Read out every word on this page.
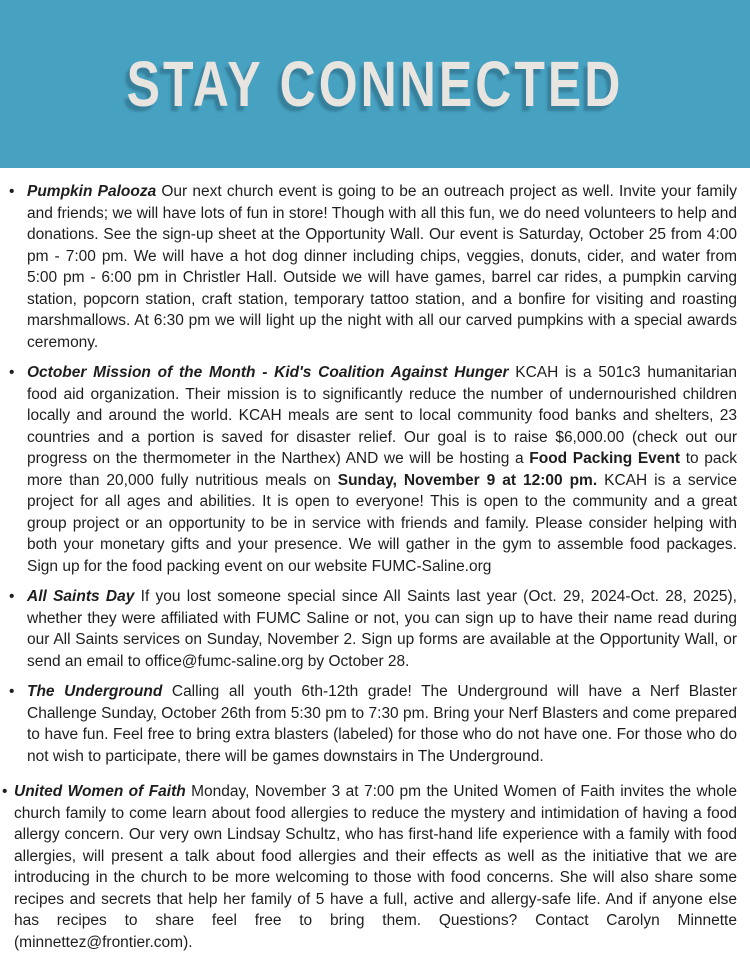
STAY CONNECTED
• Pumpkin Palooza Our next church event is going to be an outreach project as well. Invite your family and friends; we will have lots of fun in store! Though with all this fun, we do need volunteers to help and donations. See the sign-up sheet at the Opportunity Wall. Our event is Saturday, October 25 from 4:00 pm - 7:00 pm. We will have a hot dog dinner including chips, veggies, donuts, cider, and water from 5:00 pm - 6:00 pm in Christler Hall. Outside we will have games, barrel car rides, a pumpkin carving station, popcorn station, craft station, temporary tattoo station, and a bonfire for visiting and roasting marshmallows. At 6:30 pm we will light up the night with all our carved pumpkins with a special awards ceremony.
• October Mission of the Month - Kid's Coalition Against Hunger KCAH is a 501c3 humanitarian food aid organization. Their mission is to significantly reduce the number of undernourished children locally and around the world. KCAH meals are sent to local community food banks and shelters, 23 countries and a portion is saved for disaster relief. Our goal is to raise $6,000.00 (check out our progress on the thermometer in the Narthex) AND we will be hosting a Food Packing Event to pack more than 20,000 fully nutritious meals on Sunday, November 9 at 12:00 pm. KCAH is a service project for all ages and abilities. It is open to everyone! This is open to the community and a great group project or an opportunity to be in service with friends and family. Please consider helping with both your monetary gifts and your presence. We will gather in the gym to assemble food packages. Sign up for the food packing event on our website FUMC-Saline.org
• All Saints Day If you lost someone special since All Saints last year (Oct. 29, 2024-Oct. 28, 2025), whether they were affiliated with FUMC Saline or not, you can sign up to have their name read during our All Saints services on Sunday, November 2. Sign up forms are available at the Opportunity Wall, or send an email to office@fumc-saline.org by October 28.
• The Underground Calling all youth 6th-12th grade! The Underground will have a Nerf Blaster Challenge Sunday, October 26th from 5:30 pm to 7:30 pm. Bring your Nerf Blasters and come prepared to have fun. Feel free to bring extra blasters (labeled) for those who do not have one. For those who do not wish to participate, there will be games downstairs in The Underground.
• United Women of Faith Monday, November 3 at 7:00 pm the United Women of Faith invites the whole church family to come learn about food allergies to reduce the mystery and intimidation of having a food allergy concern. Our very own Lindsay Schultz, who has first-hand life experience with a family with food allergies, will present a talk about food allergies and their effects as well as the initiative that we are introducing in the church to be more welcoming to those with food concerns. She will also share some recipes and secrets that help her family of 5 have a full, active and allergy-safe life. And if anyone else has recipes to share feel free to bring them. Questions? Contact Carolyn Minnette (minnettez@frontier.com).
